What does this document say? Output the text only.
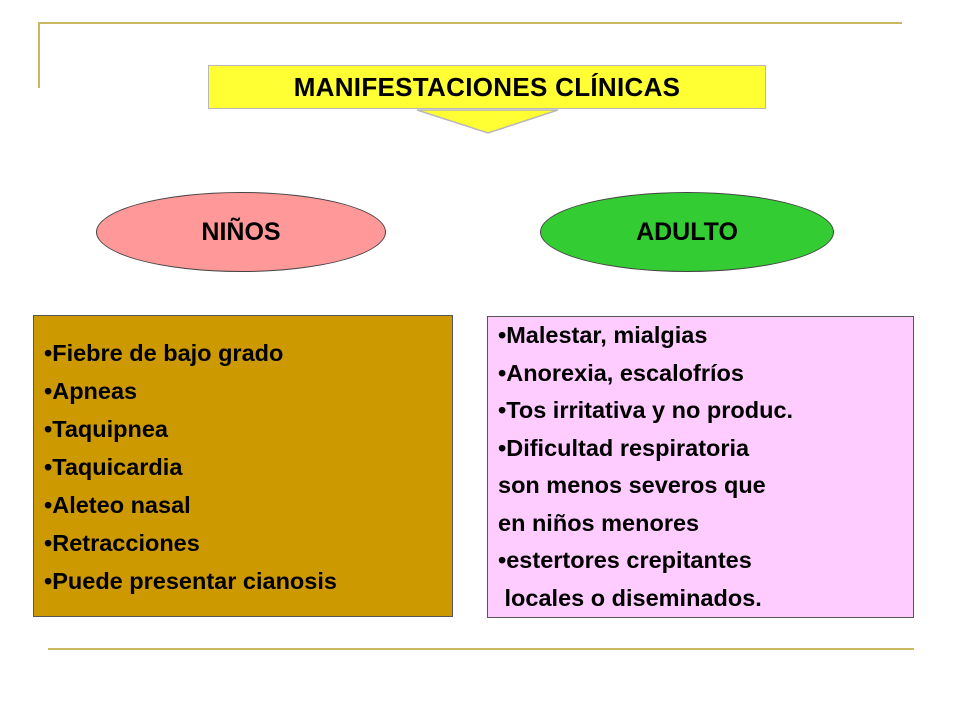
MANIFESTACIONES CLÍNICAS
NIÑOS	ADULTO
•Fiebre de bajo grado
•Apneas
•Taquipnea
•Taquicardia
•Aleteo nasal
•Retracciones
•Puede presentar cianosis
•Malestar, mialgias
•Anorexia, escalofríos
•Tos irritativa y no produc.
•Dificultad respiratoria
son menos severos que
en niños menores
•estertores crepitantes
locales o diseminados.
